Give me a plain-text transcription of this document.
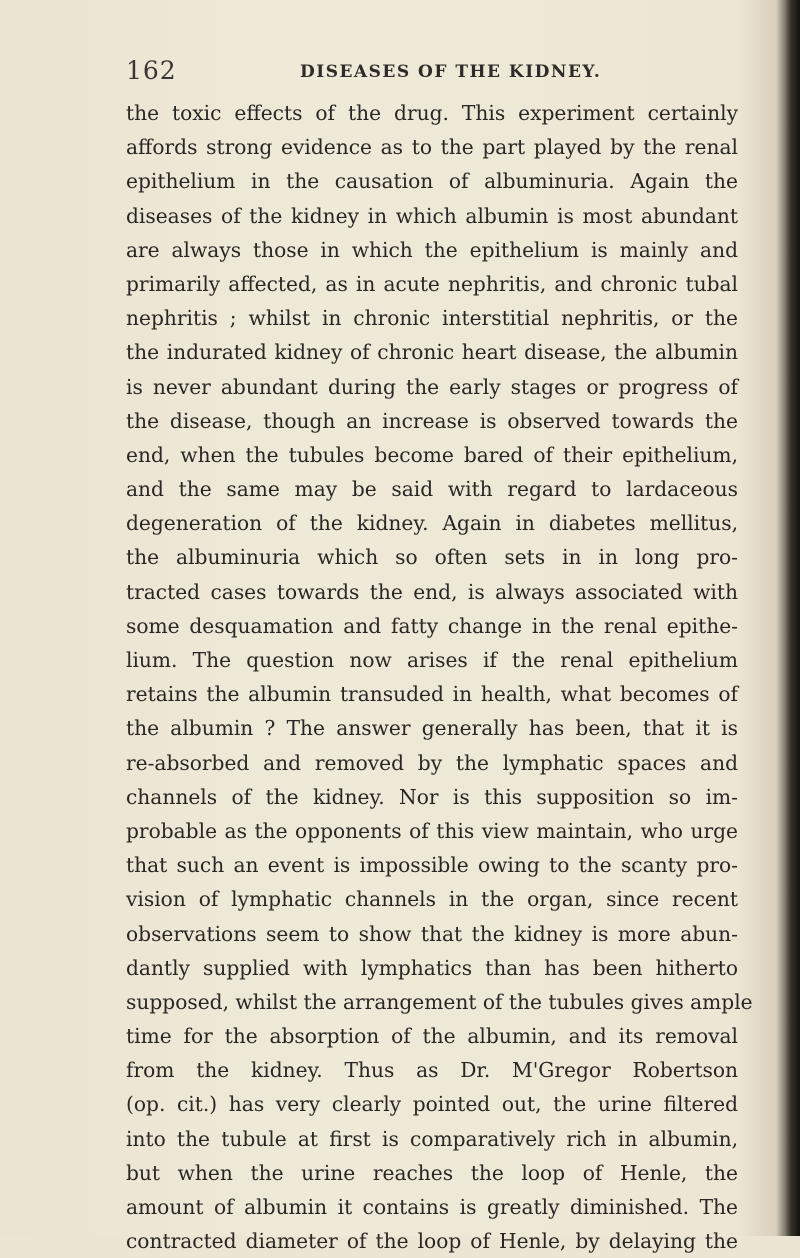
162	DISEASES OF THE KIDNEY.
the toxic effects of the drug. This experiment certainly
affords strong evidence as to the part played by the renal
epithelium in the causation of albuminuria. Again the
diseases of the kidney in which albumin is most abundant
are always those in which the epithelium is mainly and
primarily affected, as in acute nephritis, and chronic tubal
nephritis ; whilst in chronic interstitial nephritis, or the
the indurated kidney of chronic heart disease, the albumin
is never abundant during the early stages or progress of
the disease, though an increase is observed towards the
end, when the tubules become bared of their epithelium,
and the same may be said with regard to lardaceous
degeneration of the kidney. Again in diabetes mellitus,
the albuminuria which so often sets in in long pro-
tracted cases towards the end, is always associated with
some desquamation and fatty change in the renal epithe-
lium. The question now arises if the renal epithelium
retains the albumin transuded in health, what becomes of
the albumin ? The answer generally has been, that it is
re-absorbed and removed by the lymphatic spaces and
channels of the kidney. Nor is this supposition so im-
probable as the opponents of this view maintain, who urge
that such an event is impossible owing to the scanty pro-
vision of lymphatic channels in the organ, since recent
observations seem to show that the kidney is more abun-
dantly supplied with lymphatics than has been hitherto
supposed, whilst the arrangement of the tubules gives ample
time for the absorption of the albumin, and its removal
from the kidney. Thus as Dr. M'Gregor Robertson
(op. cit.) has very clearly pointed out, the urine filtered
into the tubule at first is comparatively rich in albumin,
but when the urine reaches the loop of Henle, the
amount of albumin it contains is greatly diminished. The
contracted diameter of the loop of Henle, by delaying the
